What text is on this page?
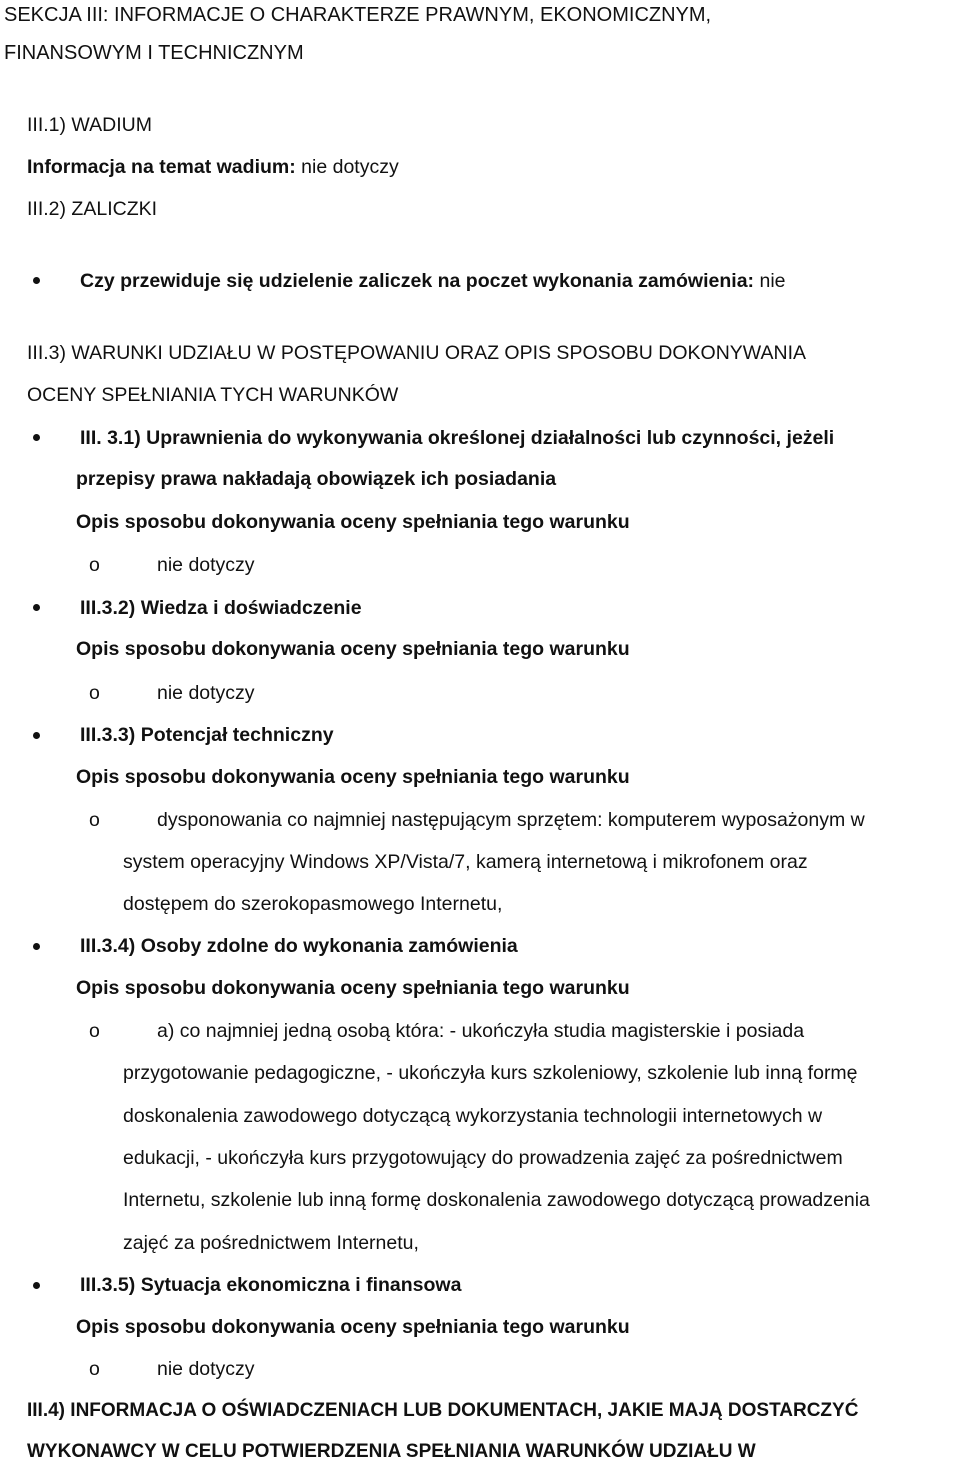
SEKCJA III: INFORMACJE O CHARAKTERZE PRAWNYM, EKONOMICZNYM,
FINANSOWYM I TECHNICZNYM
III.1) WADIUM
Informacja na temat wadium: nie dotyczy
III.2) ZALICZKI
Czy przewiduje się udzielenie zaliczek na poczet wykonania zamówienia: nie
III.3) WARUNKI UDZIAŁU W POSTĘPOWANIU ORAZ OPIS SPOSOBU DOKONYWANIA
OCENY SPEŁNIANIA TYCH WARUNKÓW
III. 3.1) Uprawnienia do wykonywania określonej działalności lub czynności, jeżeli
przepisy prawa nakładają obowiązek ich posiadania
Opis sposobu dokonywania oceny spełniania tego warunku
o	nie dotyczy
III.3.2) Wiedza i doświadczenie
Opis sposobu dokonywania oceny spełniania tego warunku
o	nie dotyczy
III.3.3) Potencjał techniczny
Opis sposobu dokonywania oceny spełniania tego warunku
o	dysponowania co najmniej następującym sprzętem: komputerem wyposażonym w
system operacyjny Windows XP/Vista/7, kamerą internetową i mikrofonem oraz
dostępem do szerokopasmowego Internetu,
III.3.4) Osoby zdolne do wykonania zamówienia
Opis sposobu dokonywania oceny spełniania tego warunku
o	a) co najmniej jedną osobą która: - ukończyła studia magisterskie i posiada
przygotowanie pedagogiczne, - ukończyła kurs szkoleniowy, szkolenie lub inną formę
doskonalenia zawodowego dotyczącą wykorzystania technologii internetowych w
edukacji, - ukończyła kurs przygotowujący do prowadzenia zajęć za pośrednictwem
Internetu, szkolenie lub inną formę doskonalenia zawodowego dotyczącą prowadzenia
zajęć za pośrednictwem Internetu,
III.3.5) Sytuacja ekonomiczna i finansowa
Opis sposobu dokonywania oceny spełniania tego warunku
o	nie dotyczy
III.4) INFORMACJA O OŚWIADCZENIACH LUB DOKUMENTACH, JAKIE MAJĄ DOSTARCZYĆ
WYKONAWCY W CELU POTWIERDZENIA SPEŁNIANIA WARUNKÓW UDZIAŁU W
